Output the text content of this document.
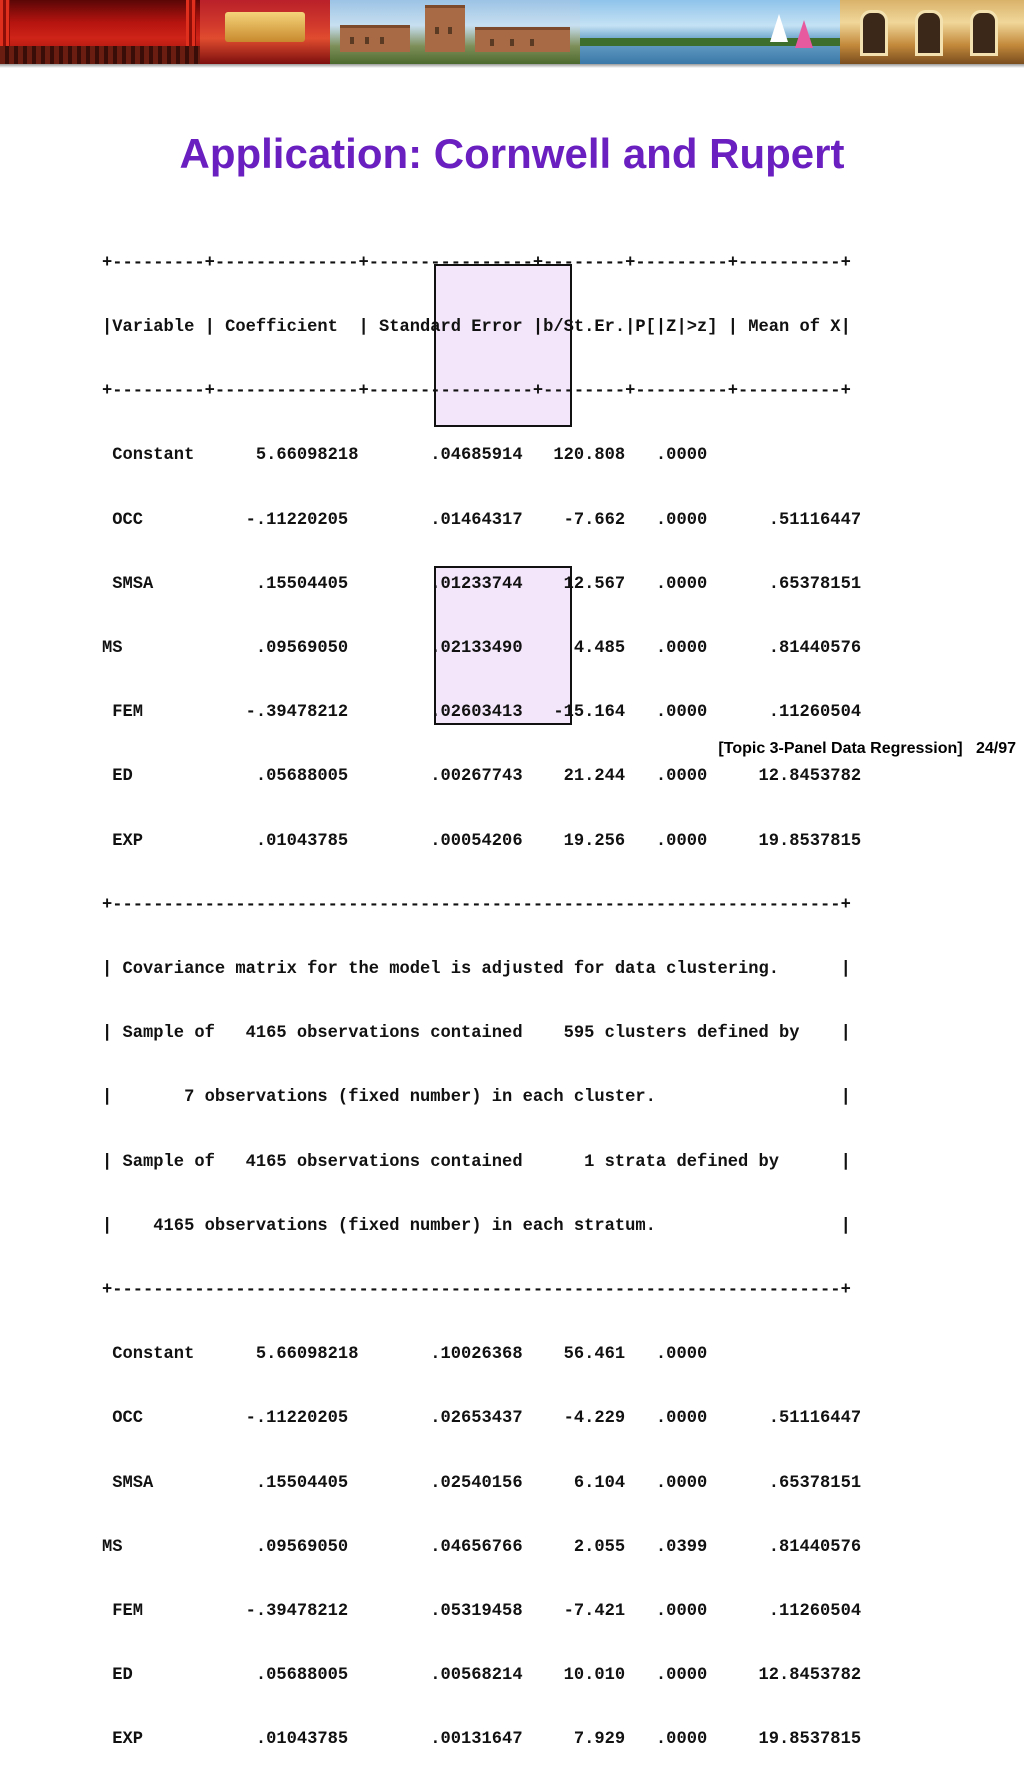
Application: Cornwell and Rupert

+---------+--------------+----------------+--------+---------+----------+

|Variable | Coefficient  | Standard Error |b/St.Er.|P[|Z|>z] | Mean of X|

+---------+--------------+----------------+--------+---------+----------+

Constant      5.66098218       .04685914   120.808   .0000

OCC          -.11220205        .01464317    -7.662   .0000      .51116447

SMSA          .15504405        .01233744    12.567   .0000      .65378151

MS             .09569050        .02133490     4.485   .0000      .81440576

FEM          -.39478212        .02603413   -15.164   .0000      .11260504

ED            .05688005        .00267743    21.244   .0000     12.8453782

EXP           .01043785        .00054206    19.256   .0000     19.8537815

+-----------------------------------------------------------------------+

| Covariance matrix for the model is adjusted for data clustering.      |

| Sample of   4165 observations contained    595 clusters defined by    |

|       7 observations (fixed number) in each cluster.                  |

| Sample of   4165 observations contained      1 strata defined by      |

|    4165 observations (fixed number) in each stratum.                  |

+-----------------------------------------------------------------------+

Constant      5.66098218       .10026368    56.461   .0000

OCC          -.11220205        .02653437    -4.229   .0000      .51116447

SMSA          .15504405        .02540156     6.104   .0000      .65378151

MS             .09569050        .04656766     2.055   .0399      .81440576

FEM          -.39478212        .05319458    -7.421   .0000      .11260504

ED            .05688005        .00568214    10.010   .0000     12.8453782

EXP           .01043785        .00131647     7.929   .0000     19.8537815

[Topic 3-Panel Data Regression] 24/97
